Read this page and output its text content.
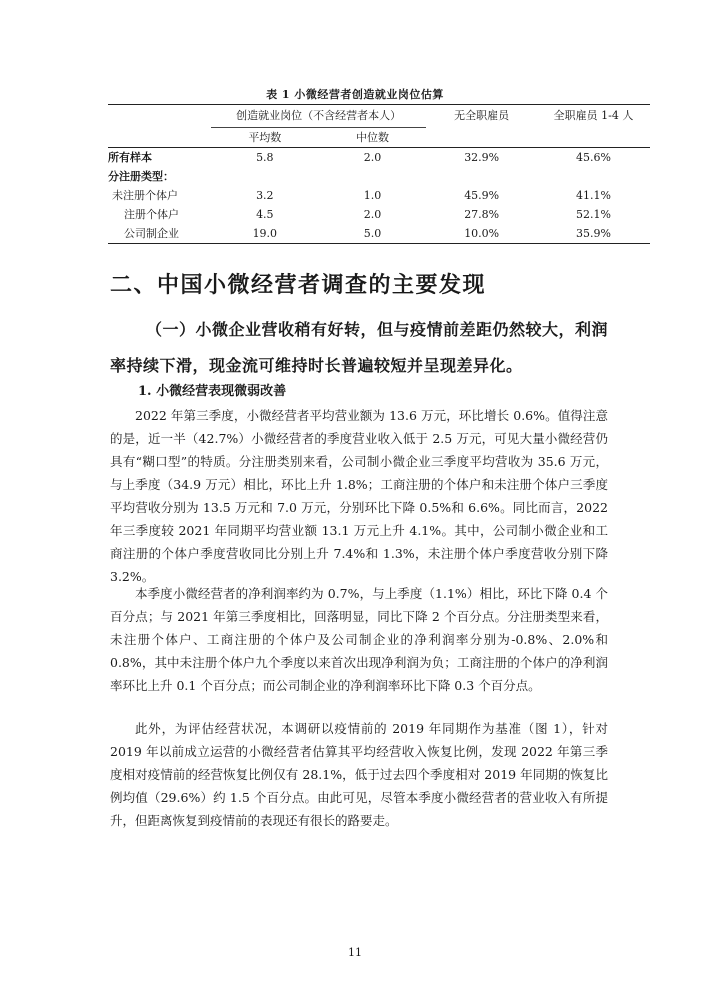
表 1 小微经营者创造就业岗位估算
	创造就业岗位（不含经营者本人）		无全职雇员	全职雇员 1-4 人
	平均数	中位数		
所有样本	5.8	2.0	32.9%	45.6%
分注册类型：				
未注册个体户	3.2	1.0	45.9%	41.1%
注册个体户	4.5	2.0	27.8%	52.1%
公司制企业	19.0	5.0	10.0%	35.9%
二、中国小微经营者调查的主要发现
（一）小微企业营收稍有好转，但与疫情前差距仍然较大，利润
率持续下滑，现金流可维持时长普遍较短并呈现差异化。
1. 小微经营表现微弱改善

2022 年第三季度，小微经营者平均营业额为 13.6 万元，环比增长 0.6%。值得注意的是，近一半（42.7%）小微经营者的季度营业收入低于 2.5 万元，可见大量小微经营仍具有“糊口型”的特质。分注册类别来看，公司制小微企业三季度平均营收为 35.6 万元，与上季度（34.9 万元）相比，环比上升 1.8%；工商注册的个体户和未注册个体户三季度平均营收分别为 13.5 万元和 7.0 万元，分别环比下降 0.5%和 6.6%。同比而言，2022 年三季度较 2021 年同期平均营业额 13.1 万元上升 4.1%。其中，公司制小微企业和工商注册的个体户季度营收同比分别上升 7.4%和 1.3%，未注册个体户季度营收分别下降 3.2%。

本季度小微经营者的净利润率约为 0.7%，与上季度（1.1%）相比，环比下降 0.4 个百分点；与 2021 年第三季度相比，回落明显，同比下降 2 个百分点。分注册类型来看，未注册个体户、工商注册的个体户及公司制企业的净利润率分别为-0.8%、2.0%和 0.8%，其中未注册个体户九个季度以来首次出现净利润为负；工商注册的个体户的净利润率环比上升 0.1 个百分点；而公司制企业的净利润率环比下降 0.3 个百分点。

此外，为评估经营状况，本调研以疫情前的 2019 年同期作为基准（图 1），针对 2019 年以前成立运营的小微经营者估算其平均经营收入恢复比例，发现 2022 年第三季度相对疫情前的经营恢复比例仅有 28.1%，低于过去四个季度相对 2019 年同期的恢复比例均值（29.6%）约 1.5 个百分点。由此可见，尽管本季度小微经营者的营业收入有所提升，但距离恢复到疫情前的表现还有很长的路要走。

11
